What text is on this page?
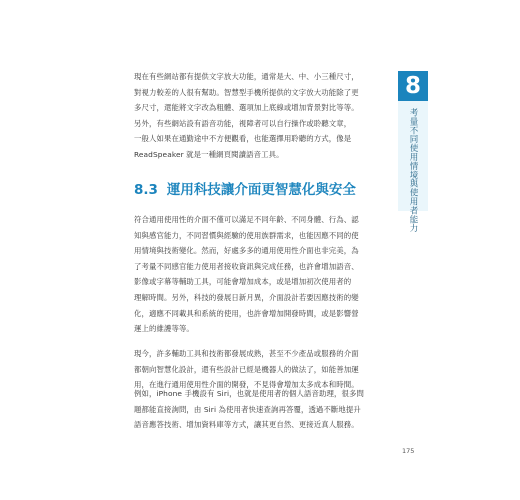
現在有些網站都有提供文字放大功能，通常是大、中、小三種尺寸，
對視力較差的人很有幫助。智慧型手機所提供的文字放大功能除了更
多尺寸，還能將文字改為粗體、選項加上底線或增加背景對比等等。
另外，有些網站設有語音功能，視障者可以自行操作或聆聽文章，
一般人如果在通勤途中不方便觀看，也能選擇用聆聽的方式，像是
ReadSpeaker 就是一種網頁閱讀語音工具。
8.3 運用科技讓介面更智慧化與安全
符合通用使用性的介面不僅可以滿足不同年齡、不同身體、行為、認
知與感官能力，不同習慣與經驗的使用族群需求，也能因應不同的使
用情境與技術變化。然而，好處多多的通用使用性介面也非完美，為
了考量不同感官能力使用者接收資訊與完成任務，也許會增加語音、
影像或字幕等輔助工具，可能會增加成本，或是增加初次使用者的
理解時間。另外，科技的發展日新月異，介面設計若要因應技術的變
化，適應不同載具和系統的使用，也許會增加開發時間，或是影響營
運上的維護等等。
現今，許多輔助工具和技術都發展成熟，甚至不少產品或服務的介面
都朝向智慧化設計，還有些設計已經是機器人的做法了，如能善加運
用，在進行通用使用性介面的開發，不見得會增加太多成本和時間。
例如，iPhone 手機設有 Siri，也就是使用者的個人語音助理，很多問
題都能直接詢問，由 Siri 為使用者快速查詢再答覆，透過不斷地提升
語音應答技術、增加資料庫等方式，讓其更自然、更接近真人服務。
8
考量不同使用情境與使用者能力
175
